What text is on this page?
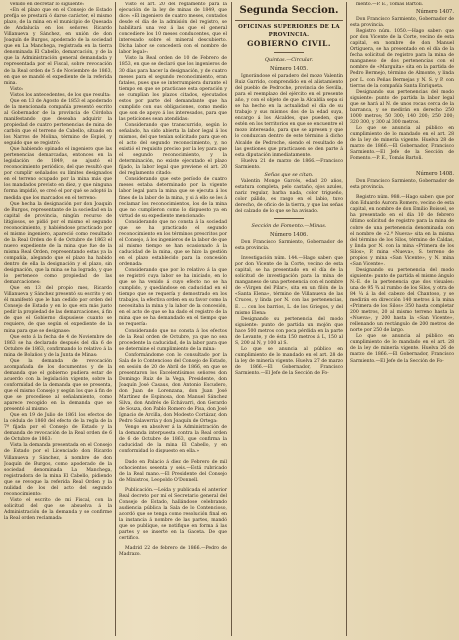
venido en decretar lo siguiente:

«En el plazo que en el Consejo de Estado prefija se prestará ó darse carácter, el mismo plazo, de la mina en el municipio de Quesada de Andalucía en los señores Ricardo Villanueva y Sánchez, en unión de don Joaquín de Burgos, apoderado de la sociedad que en La Manchega, registrada en la tierra denominada El Cabello, demarcación, y de la que la Administración general demandada y representada por el Fiscal, sobre revocación de la Real orden de 5 de Noviembre de 1863, en que se mandó el expediente de la referida mina.

Visto:

Vistos los antecedentes, de los que resulta:

Que en 13 de Agosto de 1853 el apoderado de la mencionada compañía presentó escrito al Gobernador de la provincia de Córdoba manifestando que deseaba adquirir la propiedad de cuatro pertenencias de mina de carbón que el terreno de Cabello, situado en los Narros de Molina, término de Espiel, y seguido que se registró:

Que habiendo opinado el ingeniero que las pertenencias demarcadas, entonces en la legislación de 1849, se ajustó el reconocimiento periódico, del que resultó que por cumplir señalados su límites designados en el terreno ocupado por la mina más que los mandados previsto en diez, y que ninguna forma impidió, se creó el por qué se adoptó la medida que los marcados en el terreno:

Que hecha la designación por don Joaquín de Burgos, representante de la sociedad en la capital de provincia, ningún recurso de litigiosos, se pidió por el mismo el segundo reconocimiento, y habiéndose practicado por el mismo ingeniero, apareció como resultado de la Real Orden de 6 de Octubre de 1863 el nuevo expediente de la mina que fue de la misma Real Orden, representando estas ya la compañía, alegando que el plazo ha habido dentro de ella la designación y el plazo, sin designación, que la mina se ha logrado, y que lo pertenece como propiedad de las demarcaciones:

Que en 13 del propio mes, Ricardo Villanueva y Sánchez presentó su escrito y en él manifestó que le han cedido por orden del Consejo de Estado y en lo que era más justo pedir la propiedad de las demarcaciones, á fin de que el Gobierno dispusiese cuanto se requiere, de que según el expediente de la mina para que se designase:

Que esto á la fecha de 4 de Noviembre de 1863 se ha declarado después del día 6 de Octubre de 1863, confirmando lo relativo á la mina de Bolaños y de la Junta de Minas:

Que la demanda de revocación acompañada de los documentos y de la demanda que el gobierno pudiera estar de acuerdo con la legislación vigente, sobre la conformidad de la demanda que se presenta, que el mismo Consejo y según los que á fin de que se procediese al señalamiento, como aparece recogido en la demanda que se presentó al mismo:

Que en 19 de Julio de 1861 los efectos de la cédula de 1860 del efecto de la regla de la 7ª fijada por el Consejo de Estado y la demanda de revocación de la Real orden de 6 de Octubre de 1863:

Vista la demanda presentada en el Consejo de Estado por el Licenciado don Ricardo Villanueva y Sánchez, á nombre de don Joaquín de Burgos, como apoderado de la sociedad denominada La Manchega, registradora de la mina El Cabello, pidiendo que se revoque la referida Real Orden y la nulidad de los del acto del segundo reconocimiento:

Visto el escrito de mi Fiscal, con la solicitud del que se absuelva á la Administración de la demanda y se confirme la Real orden reclamada:

Visto el art. 20 del reglamento para la ejecución de la ley de minas de 1849, que dice: «El ingeniero de cuatro meses, contados desde el día de la admisión del registro, se habilitará una vez á las que el general concediere los 10 meses conducentes, que el interesado sobre el mineral descubierto. Dicha labor se concederá con el nombre de labor legal»:

Visto la Real orden de 10 de Febrero de 1853, en que se declaró que los ingenieros de 30 días para hacer la designación, y de cuatro meses para el segundo reconocimiento, eran fatales, pues que se interrumpiera durante el tiempo en que se practicase esta operación y se cumplían los plazos citados, ejecutados estos por parte del demandante que ha cumplido con sus obligaciones, como medio que son de apoyo á los interesados, para que las peticiones sean atendidas:

Considerando que transcurrido, según lo señalado, ha sido abierta la labor legal á los mismos, del que tenían solicitado para que en el acto del segundo reconocimiento, y, no existió el requisito preciso por la ley para que el segundo reconocimiento, y la determinación, no existe ejecutado el plazo fijado, la labor legal que previene el art. 20 del reglamento citado:

Considerando que este período de cuatro meses estaba determinado por la vigente labor legal para la mina que se ejecuta á los fines de la labor de la mina, y si á ello se les á reclamar los reconocimientos, los de la mina que no cumplieron como lo dispuesto ya en virtud de su expediente mencionado:

Considerando que no consta á la sociedad que se ha practicado el segundo reconocimiento en los términos prescritos por el Consejo, á los ingenieros de la labor de que al mismo tiempo se han ocasionado á la caducidad de la mina, que se hizo la gestión en el plazo establecido para la concesión ordenada:

Considerando que por lo relativo á la que se registró cuya labor se ha iniciado, en lo que se ha venido á cuyo efecto no se ha cumplido, y quedándose en caducidad en el tiempo que se requería y demostrado en los trabajos, la efectiva orden en su favor como la necesitaba la mina y la labor de la concesión, en el acto de que se ha dado el registro de la mina que se ha demandado en el tiempo que se requería:

Considerando que no consta á los efectos de la Real orden de Octubre, ya que no sea procedente la caducidad, de la labor para que se determine el cumplimiento de la mina:

Conformándome con lo consultado por la Sala de lo Contencioso del Consejo de Estado, en sesión de 20 de Abril de 1866, en que se presentaron los Excelentísimos señores don Domingo Ruiz de la Vega, Presidente, don Joaquín José Casaus, don Antonio Escudero, don Juan de Lorenzana, don Juan José Martínez de Espinosa, don Manuel Sánchez Silva, don Andrés de Echávarri, don Gerardo de Souza, don Pablo Romero de Pisa, don José Ignacio de Arcilla, don Modesto Cortázar, don Pedro Salaverria y don Joaquín de Ortega:

Vengo en absolver á la Administración de la demanda interpuesta contra la Real orden de 6 de Octubre de 1863, que confirma la caducidad de la mina El Cabello, y en conformidad lo dispuesto en ella.»

Dado en Palacio á diez de Febrero de mil ochocientos sesenta y seis.—Está rubricado de la Real mano.—El Presidente del Consejo de Ministros, Leopoldo O'Donnell.

Publicación.—Leída y publicada el anterior Real decreto por mí el Secretario general del Consejo de Estado, hallándose celebrando audiencia pública la Sala de lo Contencioso, acordó que se tenga como resolución final en la instancia á nombre de las partes, mandó que se publique, se notifique en forma á las partes y se inserte en la Gaceta. De que certifico.

Madrid 22 de febrero de 1866.—Pedro de Madrazo.

Segunda Seccion.
OFICINAS SUPERIORES DE LA
PROVINCIA.
GOBIERNO CIVIL.
Quintas.—Circular.
Número 1405.

Ignorándose el paradero del mozo Valentín Ruiz Garrido, comprendido en el alistamiento del pueblo de Pedroche, provincia de Sevilla, para el reemplazo del ejército en el presente año, y con el objeto de que la Alcaldía sepa si se ha hecho en la actualidad el día de su trabajo y sus mismos dos de la edad suya, encargo á los Alcaldes, que pueden, que estén en los territorios en que se encuentre el mozo interesado, para que se apresen y que lo conduzcan dentro de este término á dicho Alcalde de Pedroche, siendo el resultado de las gestiones que practicasen se den parte á esta diputación inmediatamente.

Huelva 21 de marzo de 1866.—Francisco Sarmiento.

Señas que se citan.

Valentín Monge Garcés, edad 20 años, estatura completa, pelo castaño, ojos azules, nariz regular, barba nada, color trigueño, color pálido, es rasgo en el labio, tuvo derecho, de oficio de la tierra, y que las señas del calzado de lo que se ha avisado.

Sección de Fomento.—Minas.
Número 1406.

Don Francisco Sarmiento, Gobernador de esta provincia.

Investigación núm. 144.—Hago saber: que por don Vicente de la Corte, vecino de esta capital, se ha presentado en el día de la solicitud de investigación para la mina de manganeso de una pertenencia con el nombre de «Virgen del Pilar», sita en un filón de la «Santa Elena», término de Villanueva de las Cruces, y linda por N. con las pertenencias, E. ... con los barrios, L. de los Griegos, y del mismo Elena:

Designando su pertenencia del modo siguiente: punto de partida un mojón que hace 500 metros con poca pérdida en la parte de Levante, y de ésta 150 metros á L, 150 al S, 200 al N, y 100 al S.

Lo que se anuncia al público en cumplimiento de lo mandado en el art. 28 de la ley de minería vigente. Huelva 27 de marzo de 1866.—El Gobernador, Francisco Sarmiento.—El Jefe de la Sección de Fo-

mento.—P. E., Tomás Bartoli.

Número 1407.

Don Francisco Sarmiento, Gobernador de esta provincia.

Registro núm. 1050.—Hago saber: que por don Vicente de la Corte, vecino de esta capital, en nombre de don Manuel Ortiguera, se ha presentado en el día de la fecha solicitud de registro para la mina de manganeso de dos pertenencias con el nombre de «Marguita» sita en la partida de Pedro Bermejo, término de Almonte, y linda por L. con Peñas Bermejas y N. S. y P. con tierras de la compañía Santa Enriqueta.

Designando sus pertenencias del modo siguiente: punto de partida la labor legal que se hará al N. de unos rocas cerca de la barranca, y se medirán en derecho 250 1000 metros; 50 300; 140 200; 250 200; 320 300, y 300 al 300 metros.

Lo que se anuncia al público en cumplimiento de lo mandado en el art. 28 de la ley de minería vigente. Huelva 28 de marzo de 1866.—El Gobernador, Francisco Sarmiento.—El Jefe de la Sección de Fomento.—P. E., Tomás Bartoli.

Número 1408.

Don Francisco Sarmiento, Gobernador de esta provincia.

Registro núm. 988.—Hago saber: que por don Eduardo Aurora Romero, vecino de esta capital, en nombre de don Emilio Boissel, se ha presentado en el día 10 de febrero último solicitud de registro para la mina de cobre de una pertenencia denominada con el nombre de «2.ª Nueva» sita en la misma del término de los Silos, término de Caldas, y linda por N. con la mina «Primera de los Silos», P. mina «Nueva», S. terreno de propios y mina «San Vicente», y N. mina «San Vicente».

Designando su pertenencia del modo siguiente: punto de partida el mismo ángulo N.-E. de la pertenencia que dos visuales: una de 95 ¾ al rumbo de los Silos, y otra de 84 ¼ á la del cabezo del Chantoso, y se medirán en dirección 140 metros á la mina «Primera de los Silos» 350 hasta completar 200 metros, 20 al mismo terreno hasta la «Nueva», y 200 hasta la «San Vicente», rellenando un rectángulo de 200 metros de norte por 250 de largo.

Lo que se anuncia al público en cumplimiento de lo mandado en el art. 28 de la ley de minería vigente. Huelva 26 de marzo de 1866.—El Gobernador, Francisco Sarmiento.—El Jefe de la Sección de Fo-
